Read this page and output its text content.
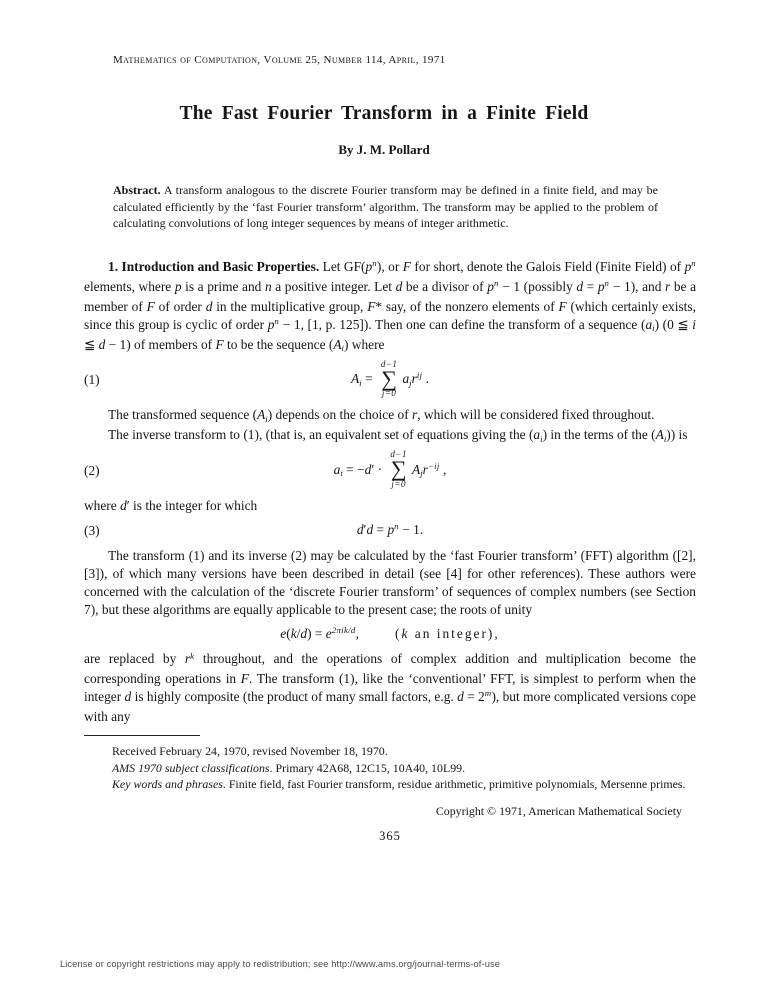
Mathematics of Computation, Volume 25, Number 114, April, 1971
The Fast Fourier Transform in a Finite Field
By J. M. Pollard
Abstract. A transform analogous to the discrete Fourier transform may be defined in a finite field, and may be calculated efficiently by the ‘fast Fourier transform’ algorithm. The transform may be applied to the problem of calculating convolutions of long integer sequences by means of integer arithmetic.

1. Introduction and Basic Properties. Let $GF(p^n)$, or F for short, denote the Galois Field (Finite Field) of $p^n$ elements, where p is a prime and n a positive integer. Let d be a divisor of $p^n - 1$ (possibly $d = p^n - 1$), and r be a member of F of order d in the multiplicative group, F* say, of the nonzero elements of F (which certainly exists, since this group is cyclic of order $p^n - 1$, [1, p. 125]). Then one can define the transform of a sequence (ai) (0 ≦ i ≦ d − 1) of members of F to be the sequence (Ai) where

(1)	Ai =
d−1
∑
j=0
ajr$^{ij}$ .

The transformed sequence (Ai) depends on the choice of r, which will be considered fixed throughout.

The inverse transform to (1), (that is, an equivalent set of equations giving the (ai) in the terms of the (Ai)) is

(2)	ai = −d′ ·
d−1
∑
j=0
Ajr$^{-ij}$ ,

where d′ is the integer for which

(3)	$d'd = p^n - 1$.

The transform (1) and its inverse (2) may be calculated by the ‘fast Fourier transform’ (FFT) algorithm ([2], [3]), of which many versions have been described in detail (see [4] for other references). These authors were concerned with the calculation of the ‘discrete Fourier transform’ of sequences of complex numbers (see Section 7), but these algorithms are equally applicable to the present case; the roots of unity

$e(k/d) = e^{2\pi ik/d}$,	(k an integer),

are replaced by $r^k$ throughout, and the operations of complex addition and multiplication become the corresponding operations in F. The transform (1), like the ‘conventional’ FFT, is simplest to perform when the integer d is highly composite (the product of many small factors, e.g. $d = 2^m$), but more complicated versions cope with any

Received February 24, 1970, revised November 18, 1970.

AMS 1970 subject classifications. Primary 42A68, 12C15, 10A40, 10L99.

Key words and phrases. Finite field, fast Fourier transform, residue arithmetic, primitive polynomials, Mersenne primes.

Copyright © 1971, American Mathematical Society
365
License or copyright restrictions may apply to redistribution; see http://www.ams.org/journal-terms-of-use
